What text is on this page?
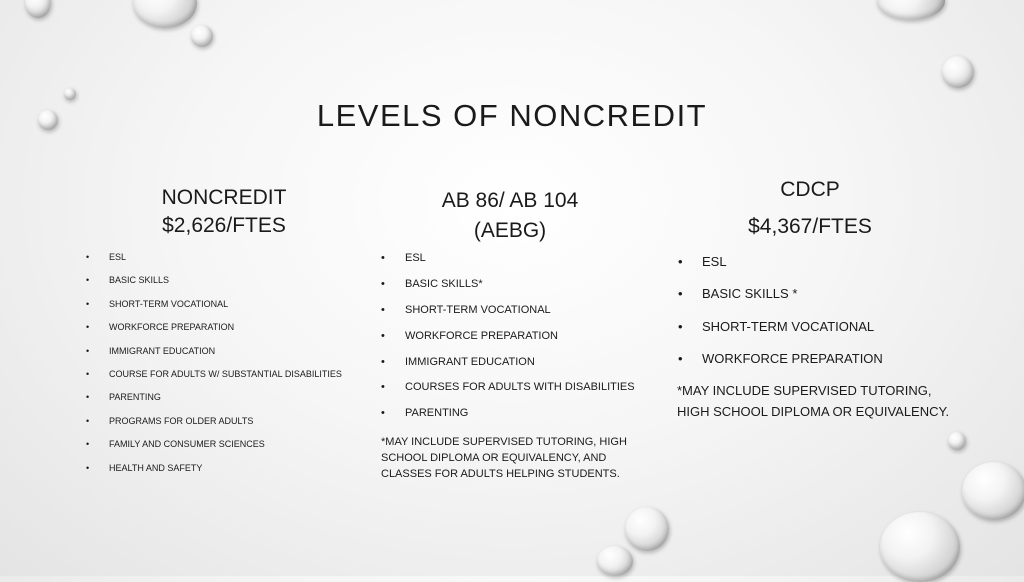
LEVELS OF NONCREDIT
NONCREDIT
$2,626/FTES
• ESL
• BASIC SKILLS
• SHORT-TERM VOCATIONAL
• WORKFORCE PREPARATION
• IMMIGRANT EDUCATION
• COURSE FOR ADULTS W/ SUBSTANTIAL DISABILITIES
• PARENTING
• PROGRAMS FOR OLDER ADULTS
• FAMILY AND CONSUMER SCIENCES
• HEALTH AND SAFETY
AB 86/ AB 104
(AEBG)
• ESL
• BASIC SKILLS*
• SHORT-TERM VOCATIONAL
• WORKFORCE PREPARATION
• IMMIGRANT EDUCATION
• COURSES FOR ADULTS WITH DISABILITIES
• PARENTING
*MAY INCLUDE SUPERVISED TUTORING, HIGH SCHOOL DIPLOMA OR EQUIVALENCY, AND CLASSES FOR ADULTS HELPING STUDENTS.
CDCP
$4,367/FTES
• ESL
• BASIC SKILLS *
• SHORT-TERM VOCATIONAL
• WORKFORCE PREPARATION
*MAY INCLUDE SUPERVISED TUTORING, HIGH SCHOOL DIPLOMA OR EQUIVALENCY.
